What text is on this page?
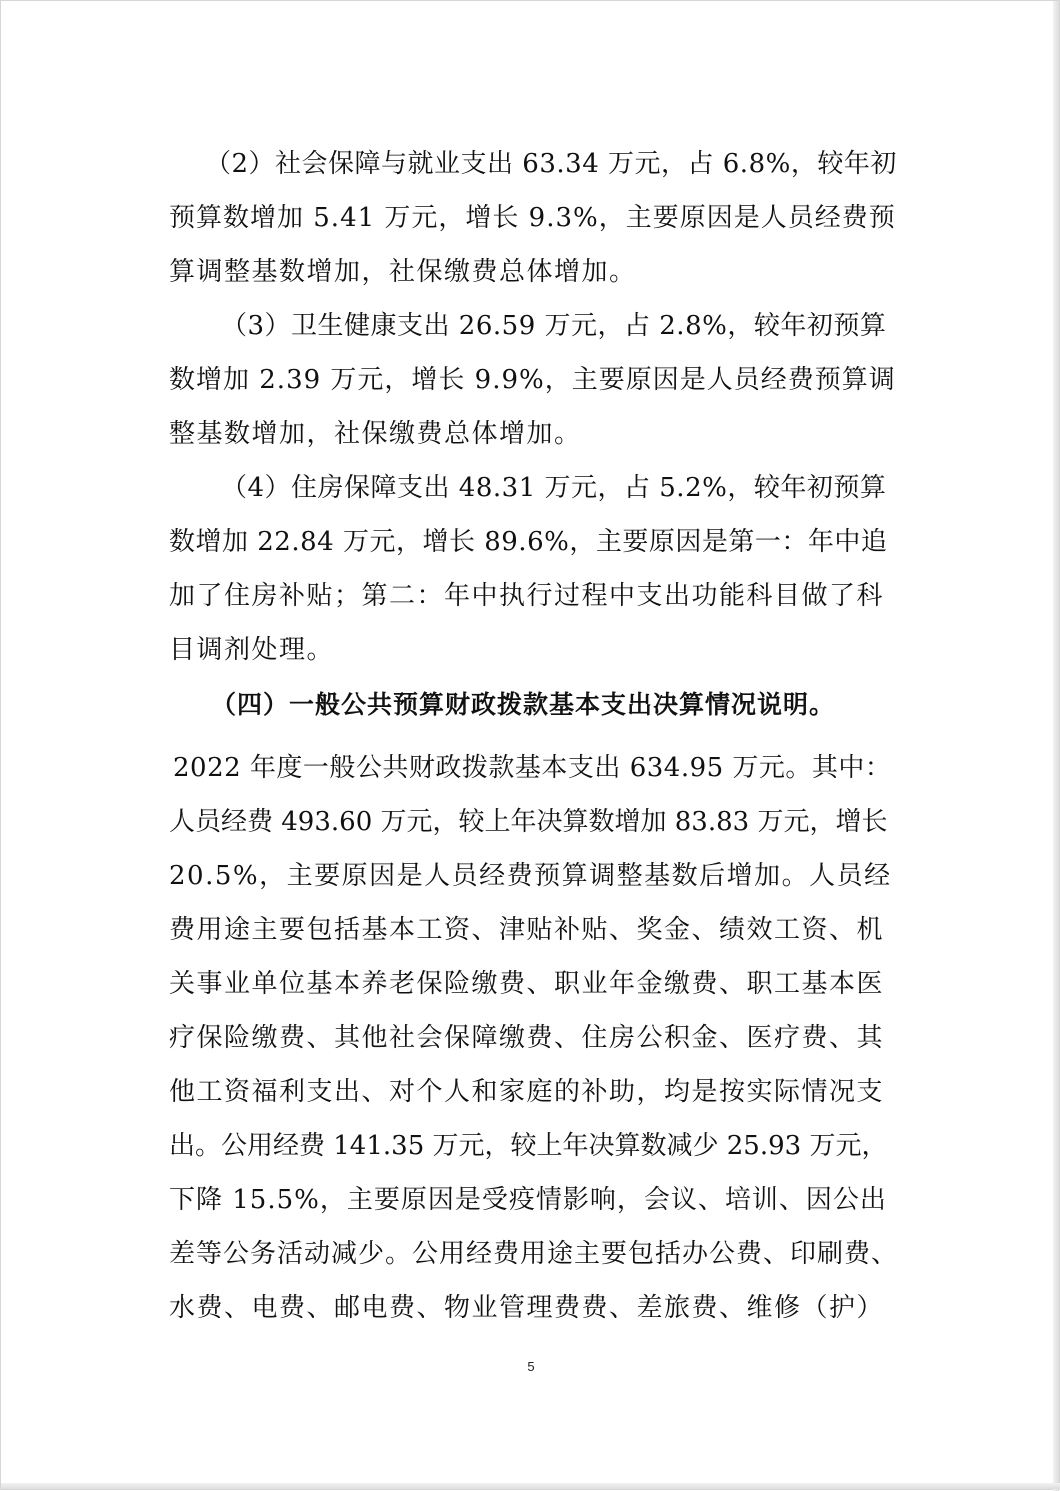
（2）社会保障与就业支出 63.34 万元，占 6.8%，较年初
预算数增加 5.41 万元，增长 9.3%，主要原因是人员经费预
算调整基数增加，社保缴费总体增加。
（3）卫生健康支出 26.59 万元，占 2.8%，较年初预算
数增加 2.39 万元，增长 9.9%，主要原因是人员经费预算调
整基数增加，社保缴费总体增加。
（4）住房保障支出 48.31 万元，占 5.2%，较年初预算
数增加 22.84 万元，增长 89.6%，主要原因是第一：年中追
加了住房补贴；第二：年中执行过程中支出功能科目做了科
目调剂处理。
（四）一般公共预算财政拨款基本支出决算情况说明。
2022 年度一般公共财政拨款基本支出 634.95 万元。其中：
人员经费 493.60 万元，较上年决算数增加 83.83 万元，增长
20.5%，主要原因是人员经费预算调整基数后增加。人员经
费用途主要包括基本工资、津贴补贴、奖金、绩效工资、机
关事业单位基本养老保险缴费、职业年金缴费、职工基本医
疗保险缴费、其他社会保障缴费、住房公积金、医疗费、其
他工资福利支出、对个人和家庭的补助，均是按实际情况支
出。公用经费 141.35 万元，较上年决算数减少 25.93 万元，
下降 15.5%，主要原因是受疫情影响，会议、培训、因公出
差等公务活动减少。公用经费用途主要包括办公费、印刷费、
水费、电费、邮电费、物业管理费费、差旅费、维修（护）
5
